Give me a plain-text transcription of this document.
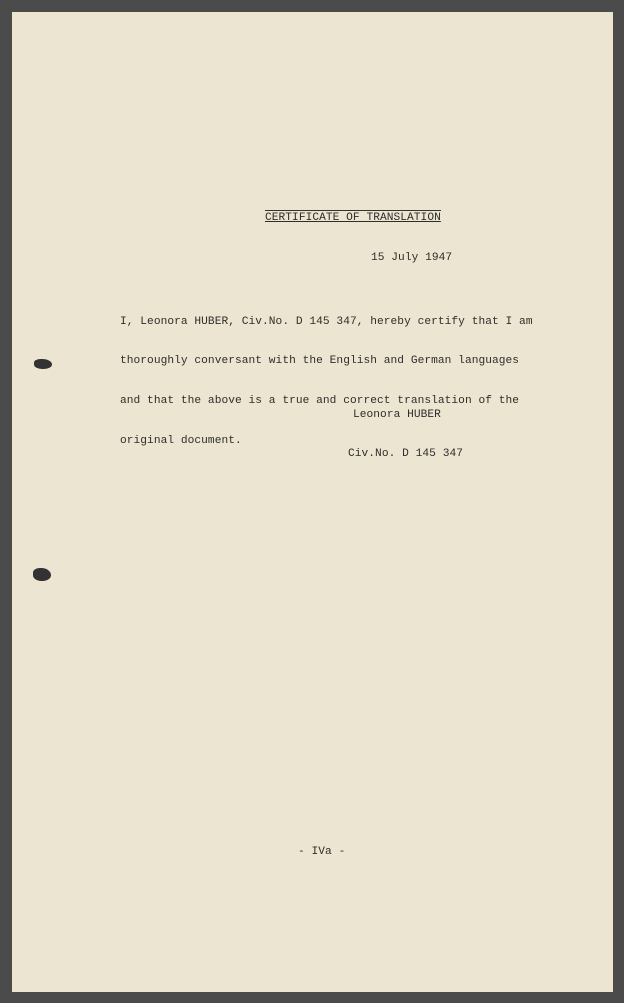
CERTIFICATE OF TRANSLATION
15 July 1947

I, Leonora HUBER, Civ.No. D 145 347, hereby certify that I am

thoroughly conversant with the English and German languages

and that the above is a true and correct translation of the

original document.

Leonora HUBER

Civ.No. D 145 347

- IVa -
